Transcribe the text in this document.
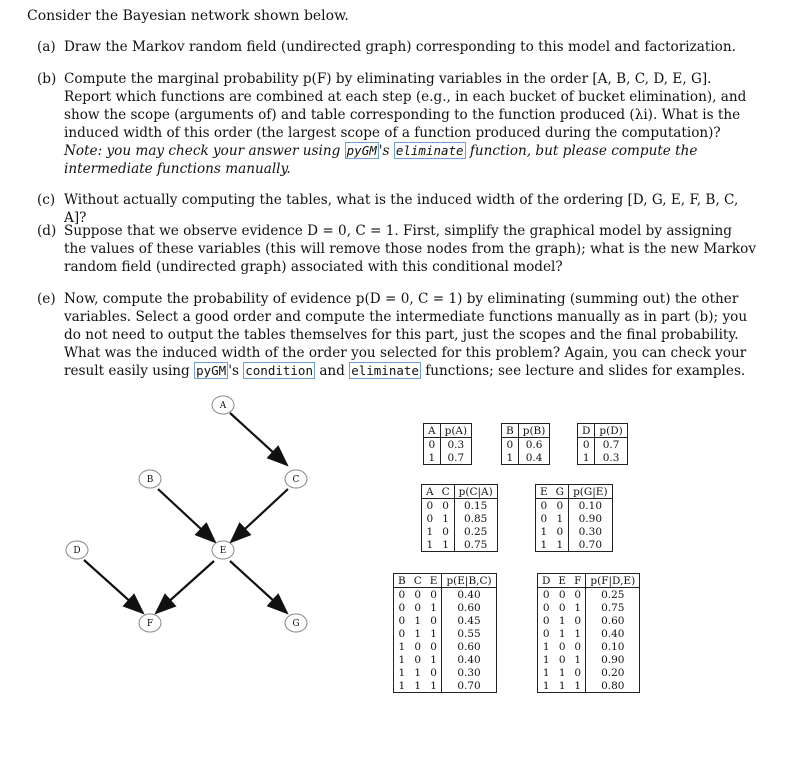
Consider the Bayesian network shown below.
(a) Draw the Markov random field (undirected graph) corresponding to this model and factorization.
(b) Compute the marginal probability p(F) by eliminating variables in the order [A, B, C, D, E, G]. Report which functions are combined at each step (e.g., in each bucket of bucket elimination), and show the scope (arguments of) and table corresponding to the function produced (λi). What is the induced width of this order (the largest scope of a function produced during the computation)?
Note: you may check your answer using pyGM 's eliminate function, but please compute the intermediate functions manually.
(c) Without actually computing the tables, what is the induced width of the ordering [D, G, E, F, B, C, A]?
(d) Suppose that we observe evidence D = 0, C = 1. First, simplify the graphical model by assigning the values of these variables (this will remove those nodes from the graph); what is the new Markov random field (undirected graph) associated with this conditional model?
(e) Now, compute the probability of evidence p(D = 0, C = 1) by eliminating (summing out) the other variables. Select a good order and compute the intermediate functions manually as in part (b); you do not need to output the tables themselves for this part, just the scopes and the final probability. What was the induced width of the order you selected for this problem? Again, you can check your result easily using pyGM 's condition and eliminate functions; see lecture and slides for examples.
A
B	C
D	E
F	G
A	p(A)
0	0.3
1	0.7
B	p(B)
0	0.6
1	0.4
D	p(D)
0	0.7
1	0.3
A	C	p(C|A)
0	0	0.15
0	1	0.85
1	0	0.25
1	1	0.75
E	G	p(G|E)
0	0	0.10
0	1	0.90
1	0	0.30
1	1	0.70
B	C	E	p(E|B,C)
0	0	0	0.40
0	0	1	0.60
0	1	0	0.45
0	1	1	0.55
1	0	0	0.60
1	0	1	0.40
1	1	0	0.30
1	1	1	0.70
D	E	F	p(F|D,E)
0	0	0	0.25
0	0	1	0.75
0	1	0	0.60
0	1	1	0.40
1	0	0	0.10
1	0	1	0.90
1	1	0	0.20
1	1	1	0.80
